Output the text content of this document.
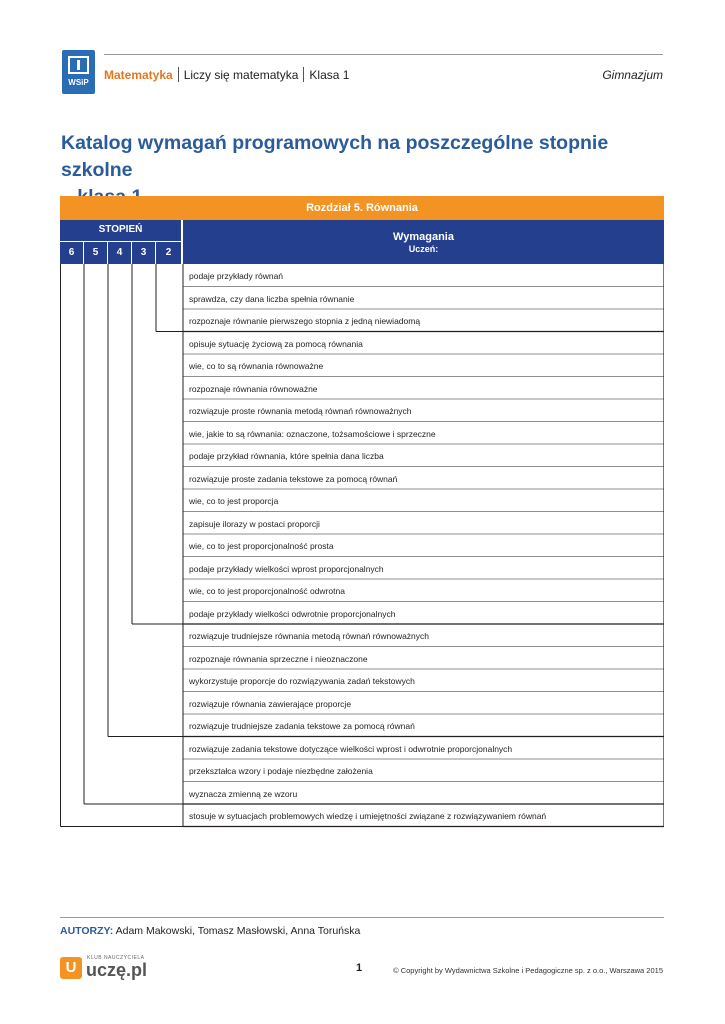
WSiP
Matematyka Liczy się matematyka Klasa 1	Gimnazjum
Katalog wymagań programowych na poszczególne stopnie szkolne
Rozdział 5. Równania
STOPIEŃ
6	5	4	3	2
Wymagania
Uczeń:
podaje przykłady równań
sprawdza, czy dana liczba spełnia równanie
rozpoznaje równanie pierwszego stopnia z jedną niewiadomą
opisuje sytuację życiową za pomocą równania
wie, co to są równania równoważne
rozpoznaje równania równoważne
rozwiązuje proste równania metodą równań równoważnych
wie, jakie to są równania: oznaczone, tożsamościowe i sprzeczne
podaje przykład równania, które spełnia dana liczba
rozwiązuje proste zadania tekstowe za pomocą równań
wie, co to jest proporcja
zapisuje ilorazy w postaci proporcji
wie, co to jest proporcjonalność prosta
podaje przykłady wielkości wprost proporcjonalnych
wie, co to jest proporcjonalność odwrotna
podaje przykłady wielkości odwrotnie proporcjonalnych
rozwiązuje trudniejsze równania metodą równań równoważnych
rozpoznaje równania sprzeczne i nieoznaczone
wykorzystuje proporcje do rozwiązywania zadań tekstowych
rozwiązuje równania zawierające proporcje
rozwiązuje trudniejsze zadania tekstowe za pomocą równań
rozwiązuje zadania tekstowe dotyczące wielkości wprost i odwrotnie proporcjonalnych
przekształca wzory i podaje niezbędne założenia
wyznacza zmienną ze wzoru
stosuje w sytuacjach problemowych wiedzę i umiejętności związane z rozwiązywaniem równań
AUTORZY: Adam Makowski, Tomasz Masłowski, Anna Toruńska
U
KLUB NAUCZYCIELA
uczę.pl	1	© Copyright by Wydawnictwa Szkolne i Pedagogiczne sp. z o.o., Warszawa 2015
